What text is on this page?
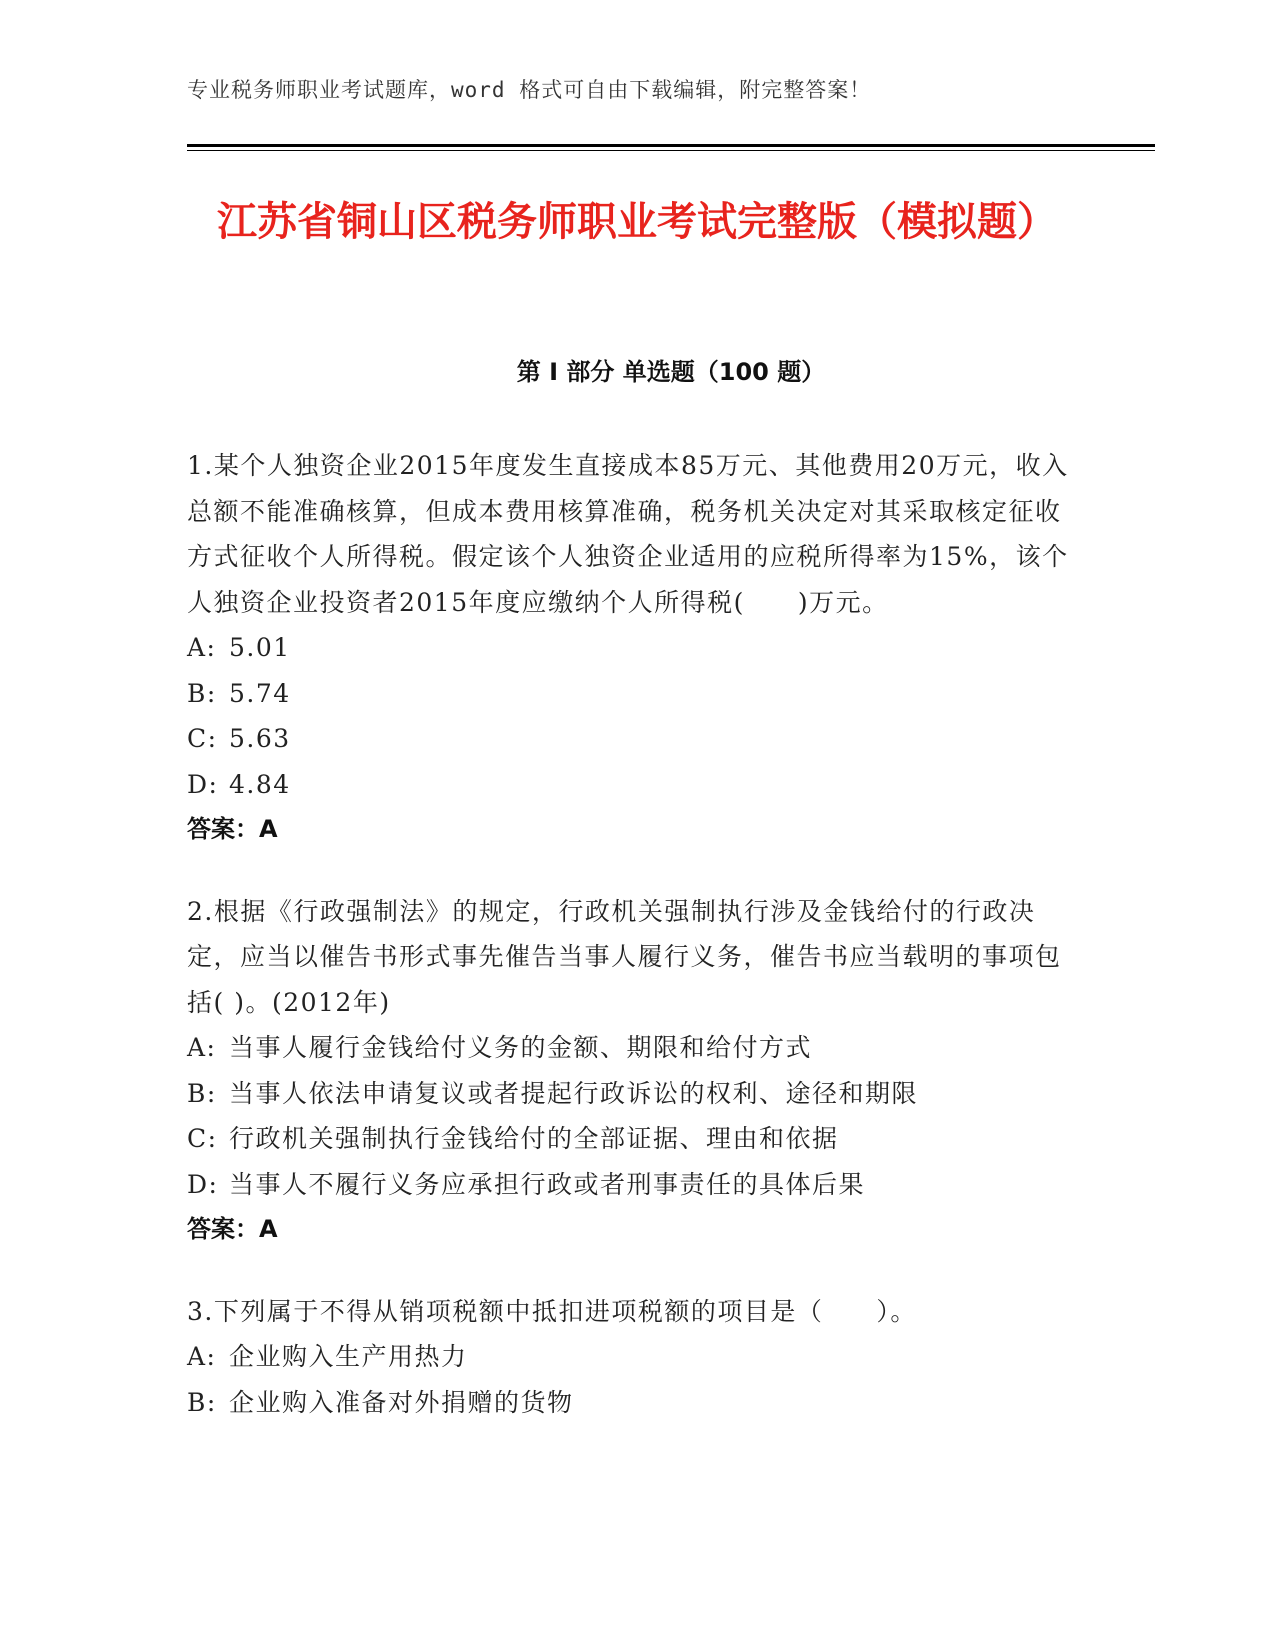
专业税务师职业考试题库，word 格式可自由下载编辑，附完整答案！
江苏省铜山区税务师职业考试完整版（模拟题）
第 I 部分 单选题（100 题）

1.某个人独资企业2015年度发生直接成本85万元、其他费用20万元，收入总额不能准确核算，但成本费用核算准确，税务机关决定对其采取核定征收方式征收个人所得税。假定该个人独资企业适用的应税所得率为15%，该个人独资企业投资者2015年度应缴纳个人所得税(　　)万元。

A: 5.01
B: 5.74
C: 5.63
D: 4.84
答案：A

2.根据《行政强制法》的规定，行政机关强制执行涉及金钱给付的行政决定，应当以催告书形式事先催告当事人履行义务，催告书应当载明的事项包括( )。(2012年)

A: 当事人履行金钱给付义务的金额、期限和给付方式
B: 当事人依法申请复议或者提起行政诉讼的权利、途径和期限
C: 行政机关强制执行金钱给付的全部证据、理由和依据
D: 当事人不履行义务应承担行政或者刑事责任的具体后果
答案：A

3.下列属于不得从销项税额中抵扣进项税额的项目是（　　）。

A: 企业购入生产用热力
B: 企业购入准备对外捐赠的货物
